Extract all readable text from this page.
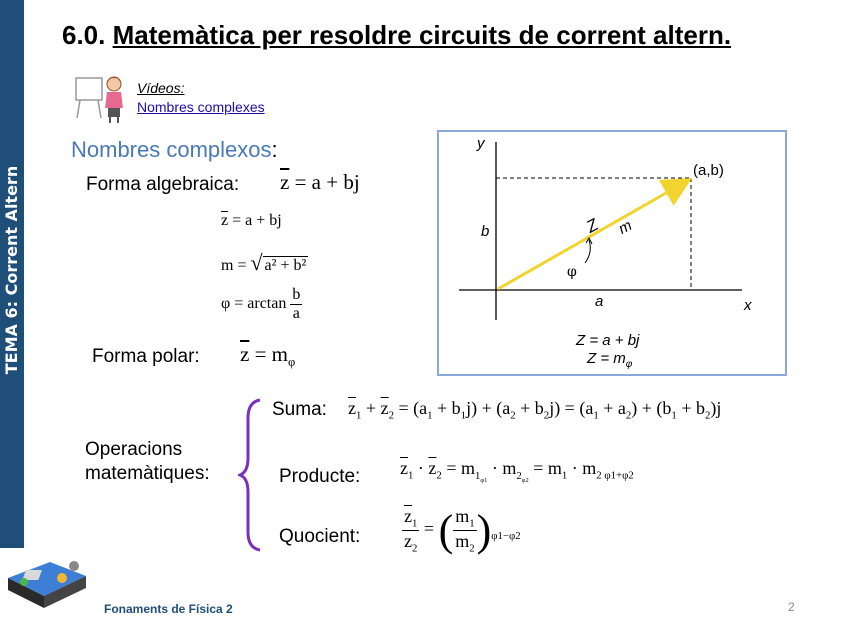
TEMA 6: Corrent Altern
6.0. Matemàtica per resoldre circuits de corrent altern.
Vídeos:
Nombres complexes
Nombres complexos:
Forma algebraica: $\overline{z} = a$ + bj
$\overline{z} = a$ + bj
m = √ a² + b²
$\varphi = \arctan \frac{b}{a}$
Forma polar: $\overline{z} = m_\varphi$
y
x
(a,b)
b
a
Z m
φ
Z = a + bj
$Z = m_\varphi$
Operacions
matemàtiques:
Suma: $\overline{z}_1 + \overline{z}_2 = (a_1 + b_1j) + (a_2 + b_2j) = (a_1 + a_2) + (b_1 + b_2)j$
Producte: $\overline{z}_1 \cdot \overline{z}_2 = m_{1_{\varphi 1}} \cdot m_{2_{\varphi 2}} = m_1 \cdot m_{2 \varphi 1+\varphi 2}$
Quocient: $\frac{\overline{z}_1}{\overline{z}_2}$ = ( $\frac{m_1}{m_2} )_{\varphi 1-\varphi 2}$
Fonaments de Física 2	2
